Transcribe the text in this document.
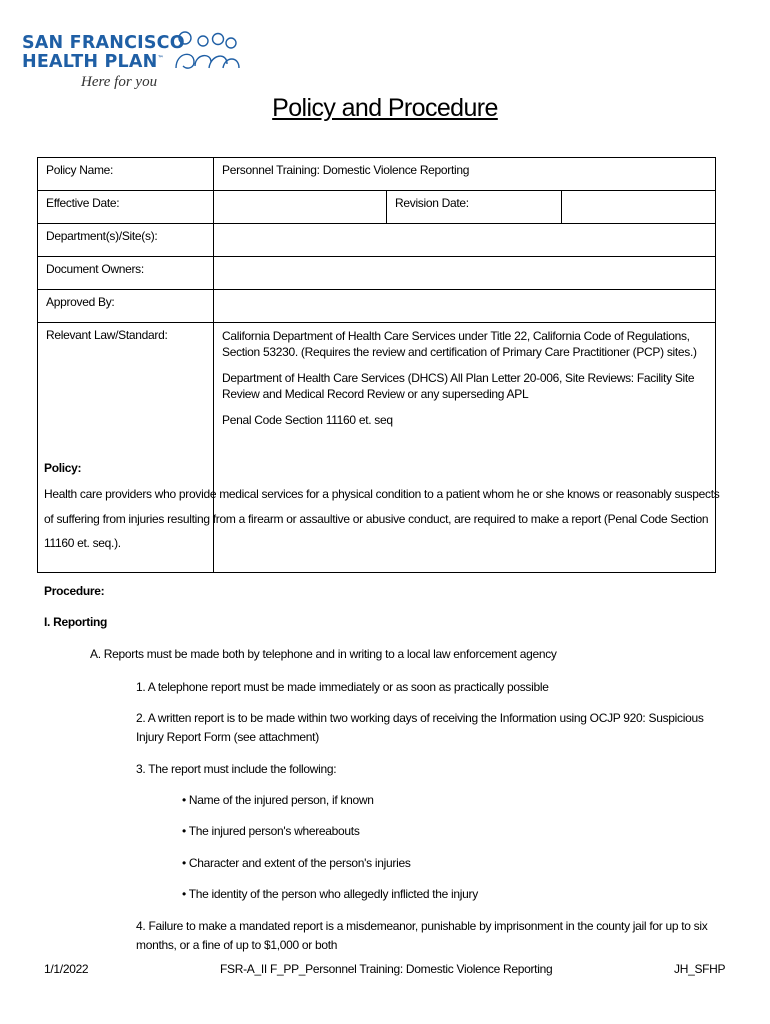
SAN FRANCISCO
HEALTH PLAN™
Here for you
Policy and Procedure
Policy Name:	Personnel Training: Domestic Violence Reporting		
Effective Date:		Revision Date:	
Department(s)/Site(s):			
Document Owners:			
Approved By:			
Relevant Law/Standard:	California Department of Health Care Services under Title 22, California Code of Regulations, Section 53230. (Requires the review and certification of Primary Care Practitioner (PCP) sites.)

Department of Health Care Services (DHCS) All Plan Letter 20-006, Site Reviews: Facility Site Review and Medical Record Review or any superseding APL

Penal Code Section 11160 et. seq		

Policy:
Health care providers who provide medical services for a physical condition to a patient whom he or she knows or reasonably suspects
of suffering from injuries resulting from a firearm or assaultive or abusive conduct, are required to make a report (Penal Code Section
11160 et. seq.).
Procedure:
I. Reporting
A. Reports must be made both by telephone and in writing to a local law enforcement agency
1. A telephone report must be made immediately or as soon as practically possible
2. A written report is to be made within two working days of receiving the Information using OCJP 920: Suspicious
Injury Report Form (see attachment)
3. The report must include the following:
• Name of the injured person, if known
• The injured person's whereabouts
• Character and extent of the person's injuries
• The identity of the person who allegedly inflicted the injury
4. Failure to make a mandated report is a misdemeanor, punishable by imprisonment in the county jail for up to six
months, or a fine of up to $1,000 or both
1/1/2022	FSR-A_II F_PP_Personnel Training: Domestic Violence Reporting	JH_SFHP
